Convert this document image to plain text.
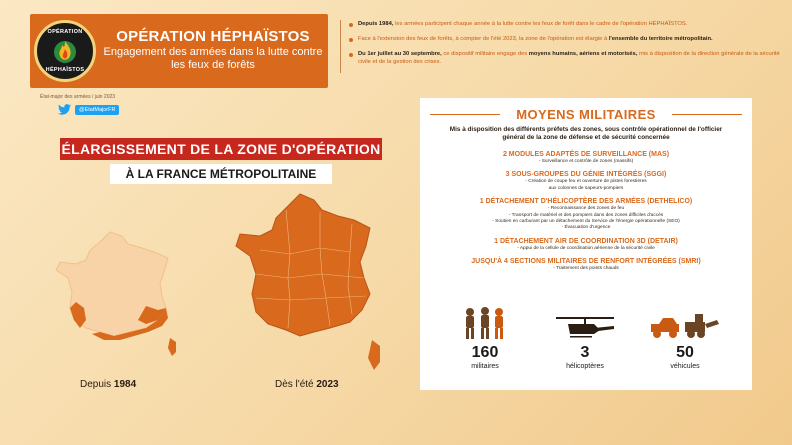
OPÉRATION
HÉPHAÏSTOS
OPÉRATION HÉPHAÏSTOS
Engagement des armées dans la lutte contre les feux de forêts
Depuis 1984, les armées participent chaque année à la lutte contre les feux de forêt dans le cadre de l'opération HÉPHAÏSTOS.
Face à l'extension des feux de forêts, à compter de l'été 2023, la zone de l'opération est élargie à l'ensemble du territoire métropolitain.
Du 1er juillet au 30 septembre, ce dispositif militaire engage des moyens humains, aériens et motorisés, mis à disposition de la direction générale de la sécurité civile et de la gestion des crises.
État-major des armées / juin 2023
@EtatMajorFR
ÉLARGISSEMENT DE LA ZONE D'OPÉRATION
À LA FRANCE MÉTROPOLITAINE
Depuis 1984	Dès l'été 2023
MOYENS MILITAIRES
Mis à disposition des différents préfets des zones, sous contrôle opérationnel de l'officier général de la zone de défense et de sécurité concernée
2 MODULES ADAPTÉS DE SURVEILLANCE (MAS)
- Surveillance et contrôle de zones (massifs)
3 SOUS-GROUPES DU GÉNIE INTÉGRÉS (SGGI)
- Création de coupe feu et ouverture de pistes forestières
aux colonnes de sapeurs-pompiers
1 DÉTACHEMENT D'HÉLICOPTÈRE DES ARMÉES (DETHELICO)
- Reconnaissance des zones de feu
- Transport de matériel et des pompiers dans des zones difficiles d'accès
- Soutien en carburant par un détachement du Service de l'énergie opérationnelle (SEO)
- Évacuation d'urgence
1 DÉTACHEMENT AIR DE COORDINATION 3D (DETAIR)
- Appui de la cellule de coordination aérienne de la sécurité civile
JUSQU'À 4 SECTIONS MILITAIRES DE RENFORT INTÉGRÉES (SMRI)
- Traitement des points chauds
160
militaires
3
hélicoptères
50
véhicules
